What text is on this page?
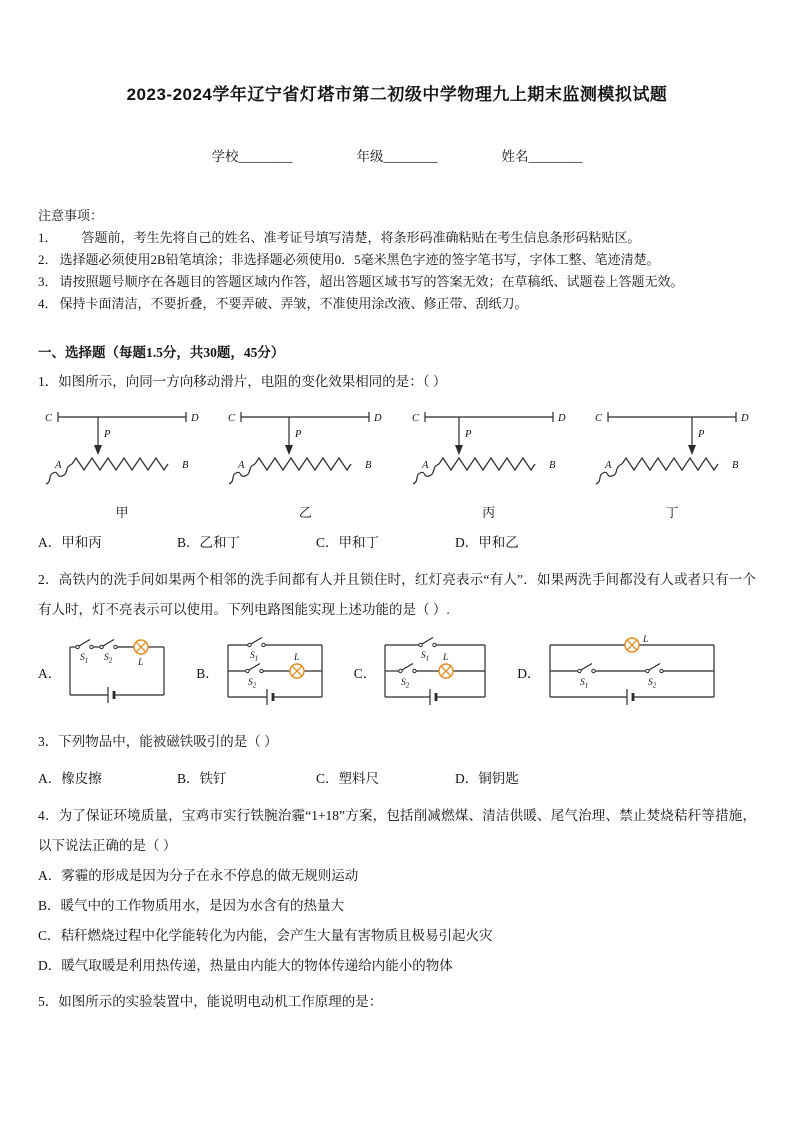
2023-2024学年辽宁省灯塔市第二初级中学物理九上期末监测模拟试题
学校________	年级________	姓名________
注意事项：
1． 答题前，考生先将自己的姓名、准考证号填写清楚，将条形码准确粘贴在考生信息条形码粘贴区。
2． 选择题必须使用2B铅笔填涂；非选择题必须使用0．5毫米黑色字迹的签字笔书写，字体工整、笔迹清楚。
3． 请按照题号顺序在各题目的答题区域内作答，超出答题区域书写的答案无效；在草稿纸、试题卷上答题无效。
4． 保持卡面清洁，不要折叠，不要弄破、弄皱，不准使用涂改液、修正带、刮纸刀。
一、选择题（每题1.5分，共30题，45分）

1．如图所示，向同一方向移动滑片，电阻的变化效果相同的是：（ ）

C	D
P
A	B
甲
C	D
P
A	B
乙
C	D
P
A	B
丙
C	D
P
A	B
丁
A．甲和丙	B．乙和丁	C．甲和丁	D．甲和乙

2．高铁内的洗手间如果两个相邻的洗手间都有人并且锁住时，红灯亮表示“有人”．如果两洗手间都没有人或者只有一个有人时，灯不亮表示可以使用。下列电路图能实现上述功能的是（ ）.

A．
$S_1$ $S_2$	L
B．
$S_1$
$S_2$
L
C．
$S_1$
$S_2$
L
D．
L
$S_1$	$S_2$

3．下列物品中，能被磁铁吸引的是（ ）

A．橡皮擦	B．铁钉	C．塑料尺	D．铜钥匙

4．为了保证环境质量，宝鸡市实行铁腕治霾“1+18”方案，包括削减燃煤、清洁供暖、尾气治理、禁止焚烧秸秆等措施，以下说法正确的是（ ）

A．雾霾的形成是因为分子在永不停息的做无规则运动
B．暖气中的工作物质用水，是因为水含有的热量大
C．秸秆燃烧过程中化学能转化为内能，会产生大量有害物质且极易引起火灾
D．暖气取暖是利用热传递，热量由内能大的物体传递给内能小的物体

5．如图所示的实验装置中，能说明电动机工作原理的是：
